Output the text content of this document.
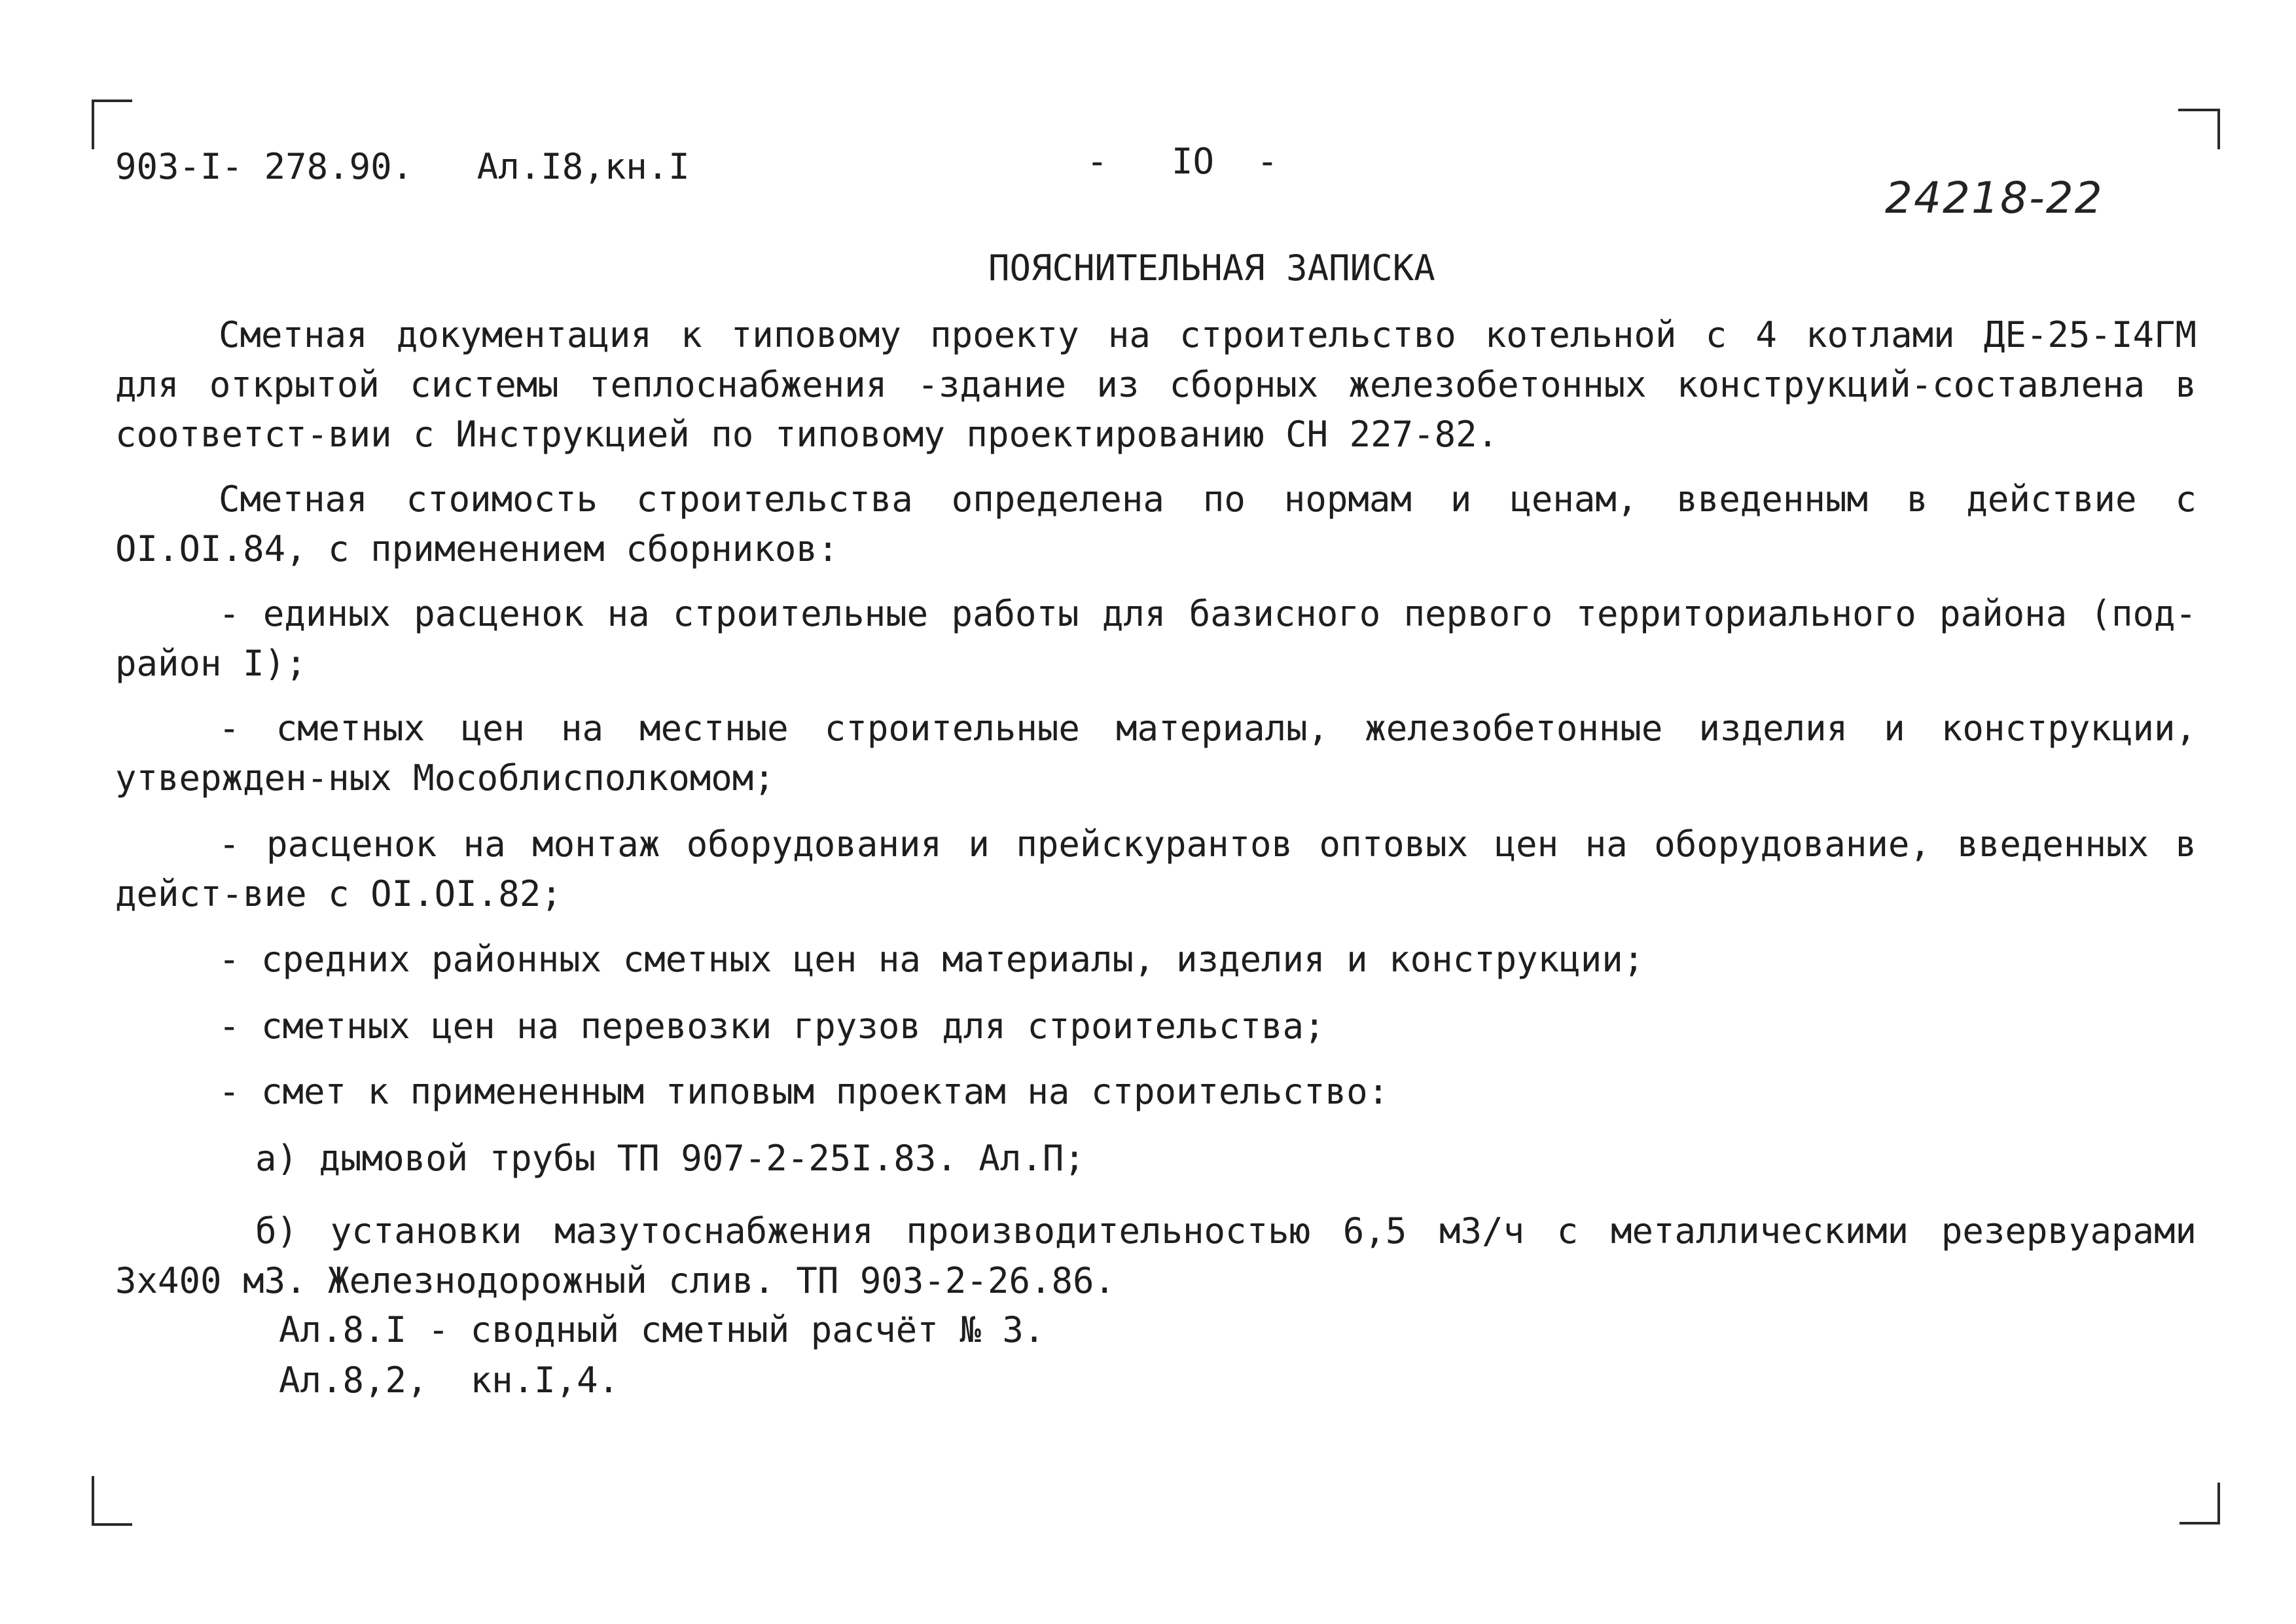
903-I- 278.90.   Ал.I8,кн.I	-   IO  -
24218-22
ПОЯСНИТЕЛЬНАЯ ЗАПИСКА
Сметная документация к типовому проекту на строительство котельной с 4 котлами ДЕ-25-I4ГМ для открытой системы теплоснабжения -здание из сборных железобетонных конструкций-составлена в соответст-вии с Инструкцией по типовому проектированию СН 227-82.
Сметная стоимость строительства определена по нормам и ценам, введенным в действие с OI.OI.84, с применением сборников:
- единых расценок на строительные работы для базисного первого территориального района (под-район I);
- сметных цен на местные строительные материалы, железобетонные изделия и конструкции, утвержден-ных Мособлисполкомом;
- расценок на монтаж оборудования и прейскурантов оптовых цен на оборудование, введенных в дейст-вие с OI.OI.82;
- средних районных сметных цен на материалы, изделия и конструкции;
- сметных цен на перевозки грузов для строительства;
- смет к примененным типовым проектам на строительство:
а) дымовой трубы ТП 907-2-25I.83. Ал.П;
б) установки мазутоснабжения производительностью 6,5 м3/ч с металлическими резервуарами 3х400 м3. Железнодорожный слив. ТП 903-2-26.86.
Ал.8.I - сводный сметный расчёт № 3.
Ал.8,2,  кн.I,4.
